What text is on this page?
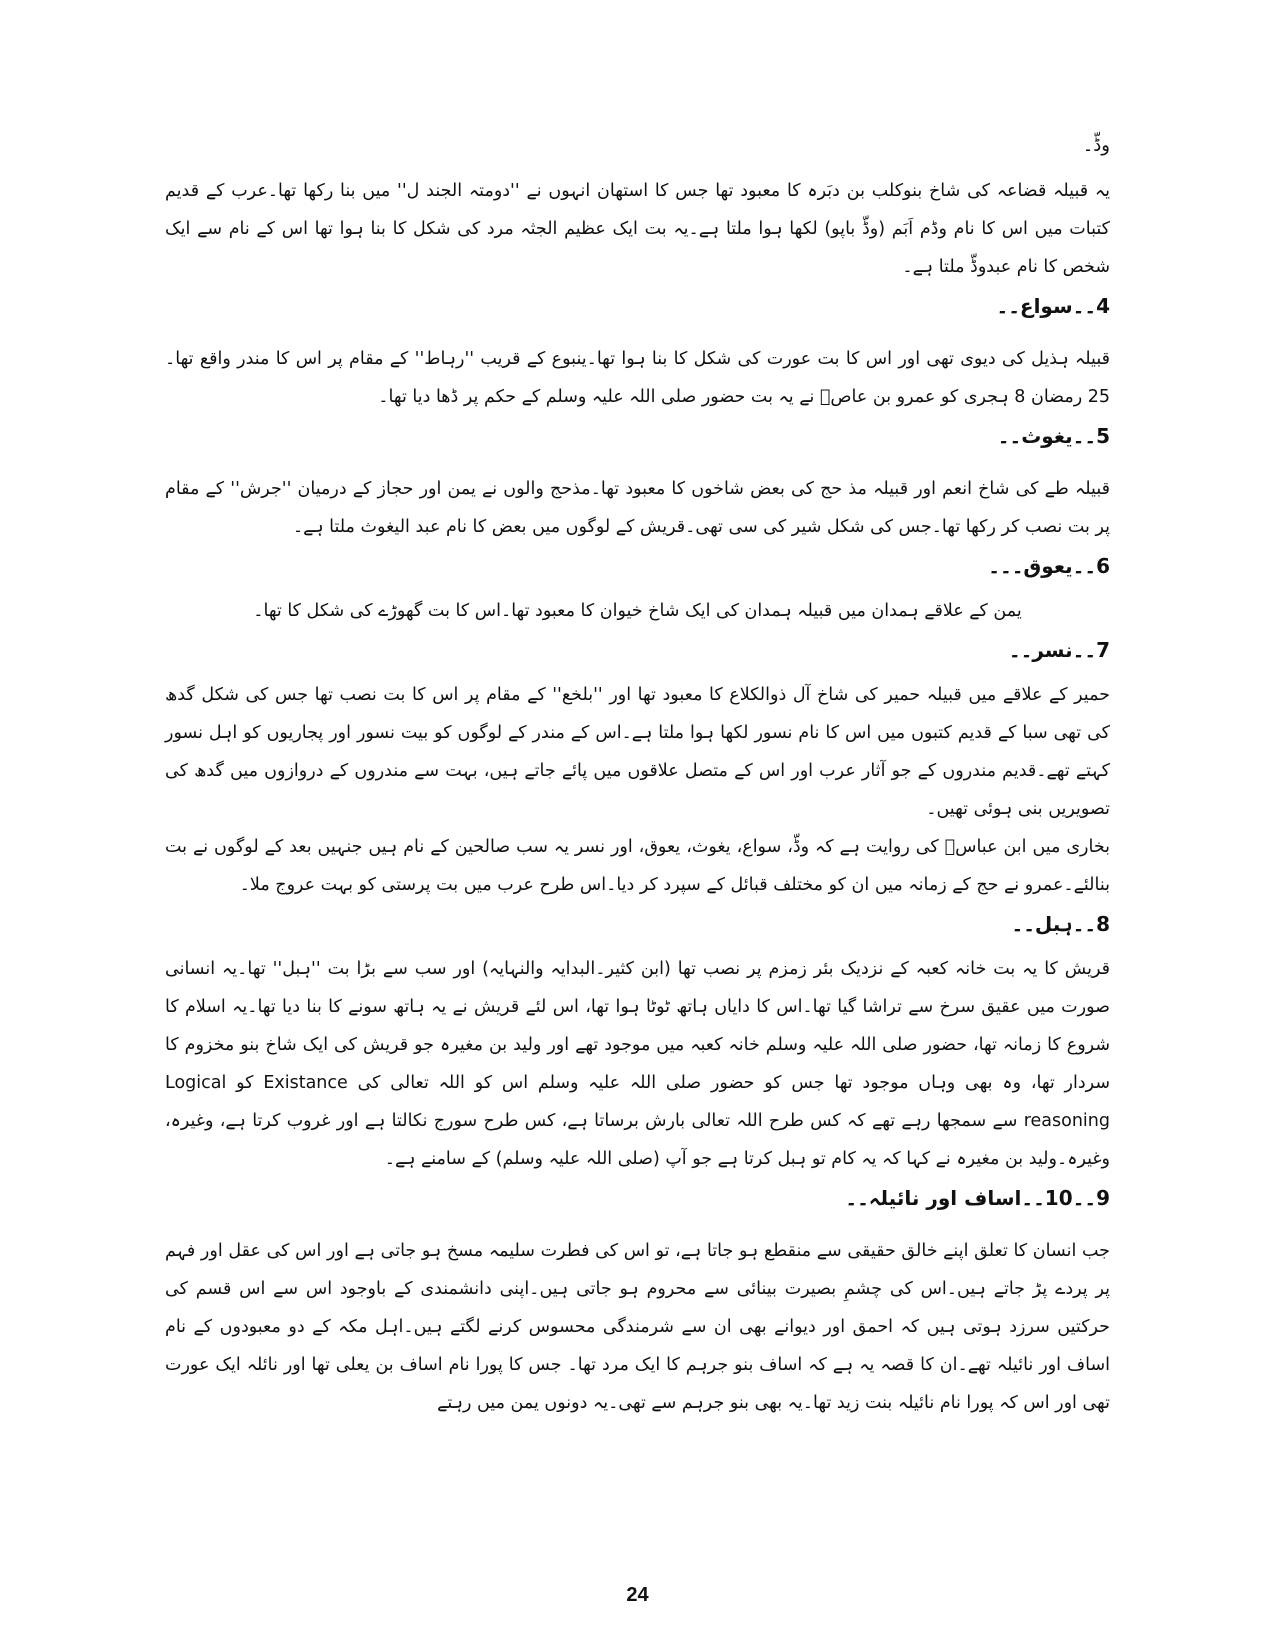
وڈّ۔

یہ قبیلہ قضاعہ کی شاخ بنوکلب بن دبَرہ کا معبود تھا جس کا استھان انہوں نے ''دومتہ الجند ل'' میں بنا رکھا تھا۔عرب کے قدیم کتبات میں اس کا نام وڈم اَبَم (وڈّ باپو) لکھا ہوا ملتا ہے۔یہ بت ایک عظیم الجثہ مرد کی شکل کا بنا ہوا تھا اس کے نام سے ایک شخص کا نام عبدوڈّ ملتا ہے۔

4۔۔سواع۔۔

قبیلہ ہذیل کی دیوی تھی اور اس کا بت عورت کی شکل کا بنا ہوا تھا۔ینبوع کے قریب ''رہاط'' کے مقام پر اس کا مندر واقع تھا۔25 رمضان 8 ہجری کو عمرو بن عاصؓ نے یہ بت حضور صلی اللہ علیہ وسلم کے حکم پر ڈھا دیا تھا۔

5۔۔یغوث۔۔

قبیلہ طے کی شاخ انعم اور قبیلہ مذ حج کی بعض شاخوں کا معبود تھا۔مذحج والوں نے یمن اور حجاز کے درمیان ''جرش'' کے مقام پر بت نصب کر رکھا تھا۔جس کی شکل شیر کی سی تھی۔قریش کے لوگوں میں بعض کا نام عبد الیغوث ملتا ہے۔

6۔۔یعوق۔۔۔

یمن کے علاقے ہمدان میں قبیلہ ہمدان کی ایک شاخ خیوان کا معبود تھا۔اس کا بت گھوڑے کی شکل کا تھا۔

7۔۔نسر۔۔

حمیر کے علاقے میں قبیلہ حمیر کی شاخ آل ذوالکلاع کا معبود تھا اور ''بلخع'' کے مقام پر اس کا بت نصب تھا جس کی شکل گدھ کی تھی سبا کے قدیم کتبوں میں اس کا نام نسور لکھا ہوا ملتا ہے۔اس کے مندر کے لوگوں کو بیت نسور اور پجاریوں کو اہل نسور کہتے تھے۔قدیم مندروں کے جو آثار عرب اور اس کے متصل علاقوں میں پائے جاتے ہیں، بہت سے مندروں کے دروازوں میں گدھ کی تصویریں بنی ہوئی تھیں۔

بخاری میں ابن عباسؓ کی روایت ہے کہ وڈّ، سواع، یغوث، یعوق، اور نسر یہ سب صالحین کے نام ہیں جنہیں بعد کے لوگوں نے بت بنالئے۔عمرو نے حج کے زمانہ میں ان کو مختلف قبائل کے سپرد کر دیا۔اس طرح عرب میں بت پرستی کو بہت عروج ملا۔

8۔۔ہبل۔۔

قریش کا یہ بت خانہ کعبہ کے نزدیک بئر زمزم پر نصب تھا (ابن کثیر۔البدایہ والنہایہ) اور سب سے بڑا بت ''ہبل'' تھا۔یہ انسانی صورت میں عقیق سرخ سے تراشا گیا تھا۔اس کا دایاں ہاتھ ٹوٹا ہوا تھا، اس لئے قریش نے یہ ہاتھ سونے کا بنا دیا تھا۔یہ اسلام کا شروع کا زمانہ تھا، حضور صلی اللہ علیہ وسلم خانہ کعبہ میں موجود تھے اور ولید بن مغیرہ جو قریش کی ایک شاخ بنو مخزوم کا سردار تھا، وہ بھی وہاں موجود تھا جس کو حضور صلی اللہ علیہ وسلم اس کو اللہ تعالی کی Existance کو Logical reasoning سے سمجھا رہے تھے کہ کس طرح اللہ تعالی بارش برساتا ہے، کس طرح سورج نکالتا ہے اور غروب کرتا ہے، وغیرہ، وغیرہ۔ولید بن مغیرہ نے کہا کہ یہ کام تو ہبل کرتا ہے جو آپ (صلی اللہ علیہ وسلم) کے سامنے ہے۔

9۔۔10۔۔اساف اور نائیلہ۔۔

جب انسان کا تعلق اپنے خالق حقیقی سے منقطع ہو جاتا ہے، تو اس کی فطرت سلیمہ مسخ ہو جاتی ہے اور اس کی عقل اور فہم پر پردے پڑ جاتے ہیں۔اس کی چشمِ بصیرت بینائی سے محروم ہو جاتی ہیں۔اپنی دانشمندی کے باوجود اس سے اس قسم کی حرکتیں سرزد ہوتی ہیں کہ احمق اور دیوانے بھی ان سے شرمندگی محسوس کرنے لگتے ہیں۔اہل مکہ کے دو معبودوں کے نام اساف اور نائیلہ تھے۔ان کا قصہ یہ ہے کہ اساف بنو جرہم کا ایک مرد تھا۔ جس کا پورا نام اساف بن یعلی تھا اور نائلہ ایک عورت تھی اور اس کہ پورا نام نائیلہ بنت زید تھا۔یہ بھی بنو جرہم سے تھی۔یہ دونوں یمن میں رہتے

24
